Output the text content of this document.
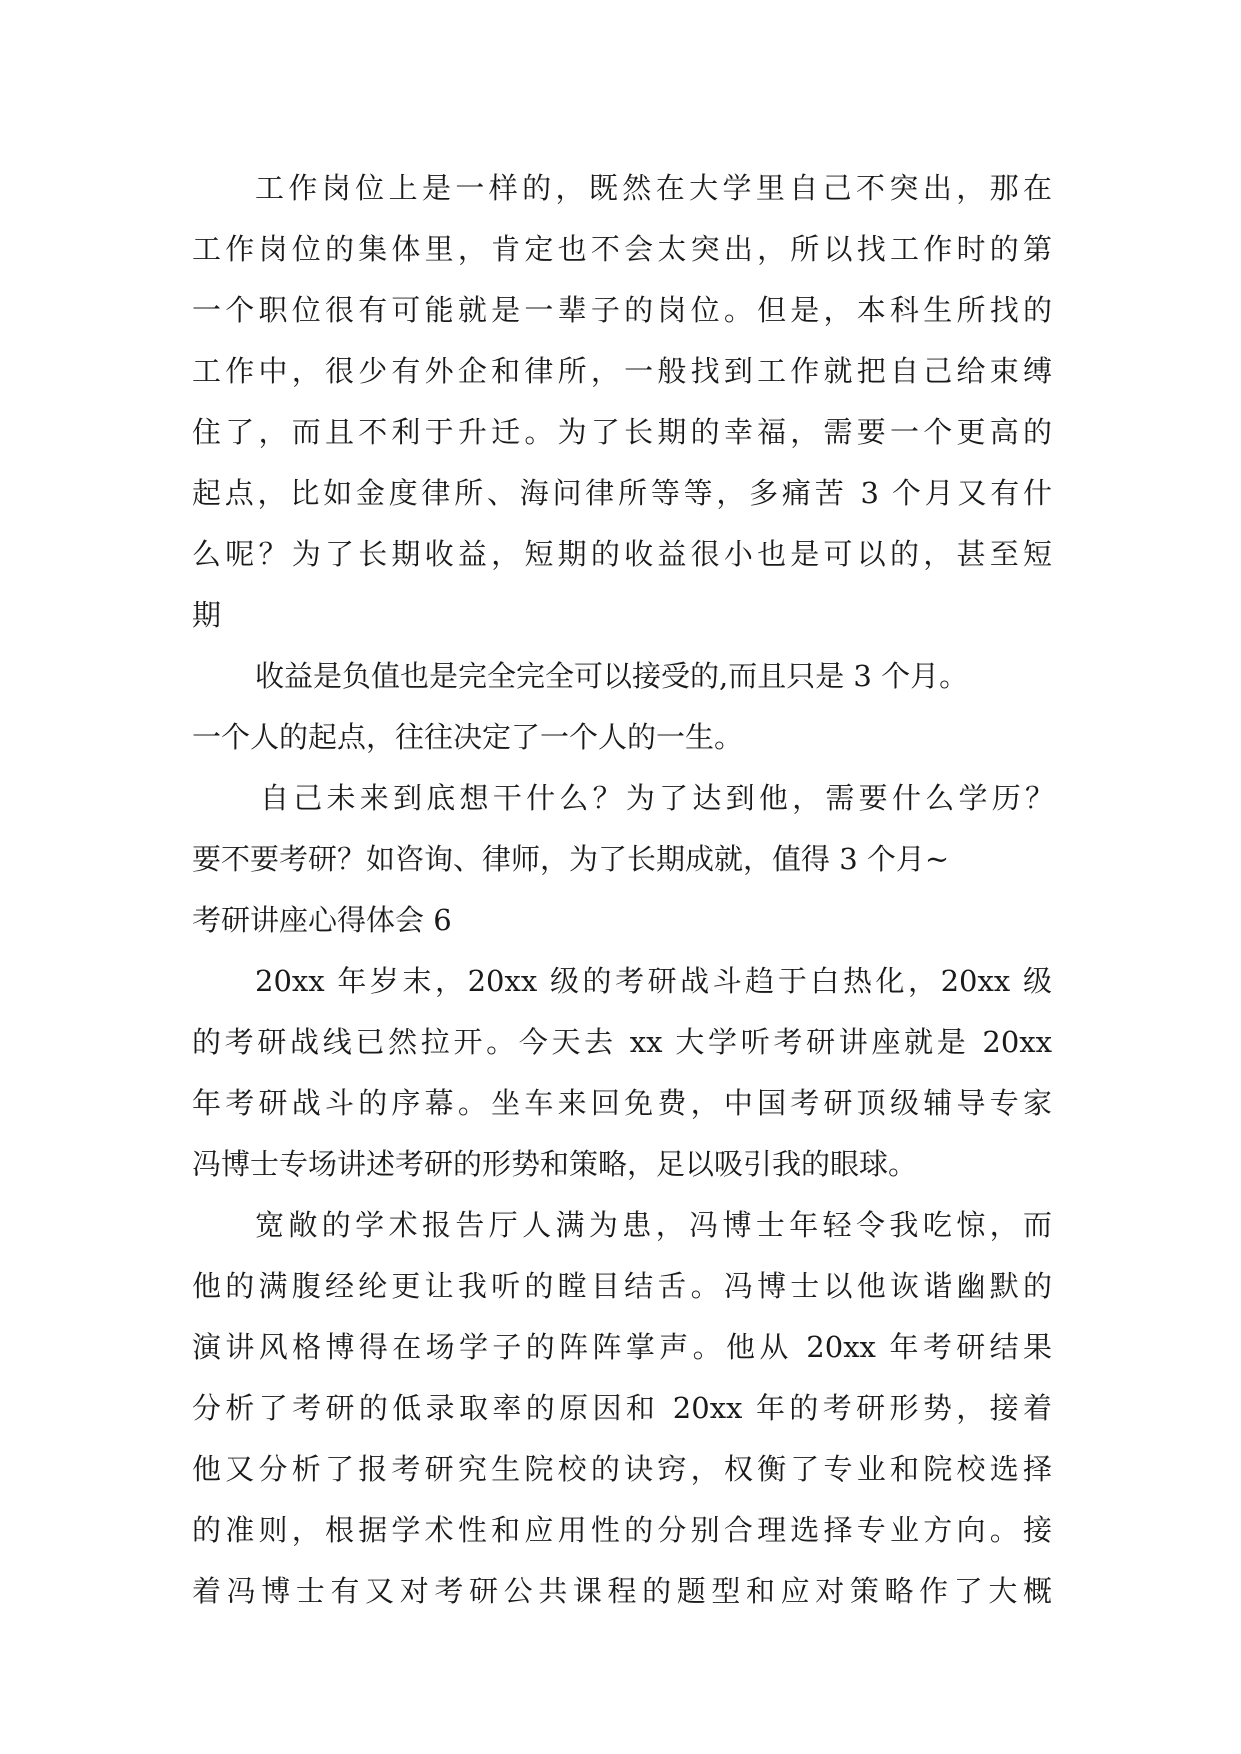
工作岗位上是一样的，既然在大学里自己不突出，那在
工作岗位的集体里，肯定也不会太突出，所以找工作时的第
一个职位很有可能就是一辈子的岗位。但是，本科生所找的
工作中，很少有外企和律所，一般找到工作就把自己给束缚
住了，而且不利于升迁。为了长期的幸福，需要一个更高的
起点，比如金度律所、海问律所等等，多痛苦 3 个月又有什
么呢？为了长期收益，短期的收益很小也是可以的，甚至短
期
收益是负值也是完全完全可以接受的,而且只是 3 个月。
一个人的起点，往往决定了一个人的一生。
自己未来到底想干什么？为了达到他，需要什么学历？
要不要考研？如咨询、律师，为了长期成就，值得 3 个月~
考研讲座心得体会 6
20xx 年岁末，20xx 级的考研战斗趋于白热化，20xx 级
的考研战线已然拉开。今天去 xx 大学听考研讲座就是 20xx
年考研战斗的序幕。坐车来回免费，中国考研顶级辅导专家
冯博士专场讲述考研的形势和策略，足以吸引我的眼球。
宽敞的学术报告厅人满为患，冯博士年轻令我吃惊，而
他的满腹经纶更让我听的瞠目结舌。冯博士以他诙谐幽默的
演讲风格博得在场学子的阵阵掌声。他从 20xx 年考研结果
分析了考研的低录取率的原因和 20xx 年的考研形势，接着
他又分析了报考研究生院校的诀窍，权衡了专业和院校选择
的准则，根据学术性和应用性的分别合理选择专业方向。接
着冯博士有又对考研公共课程的题型和应对策略作了大概
